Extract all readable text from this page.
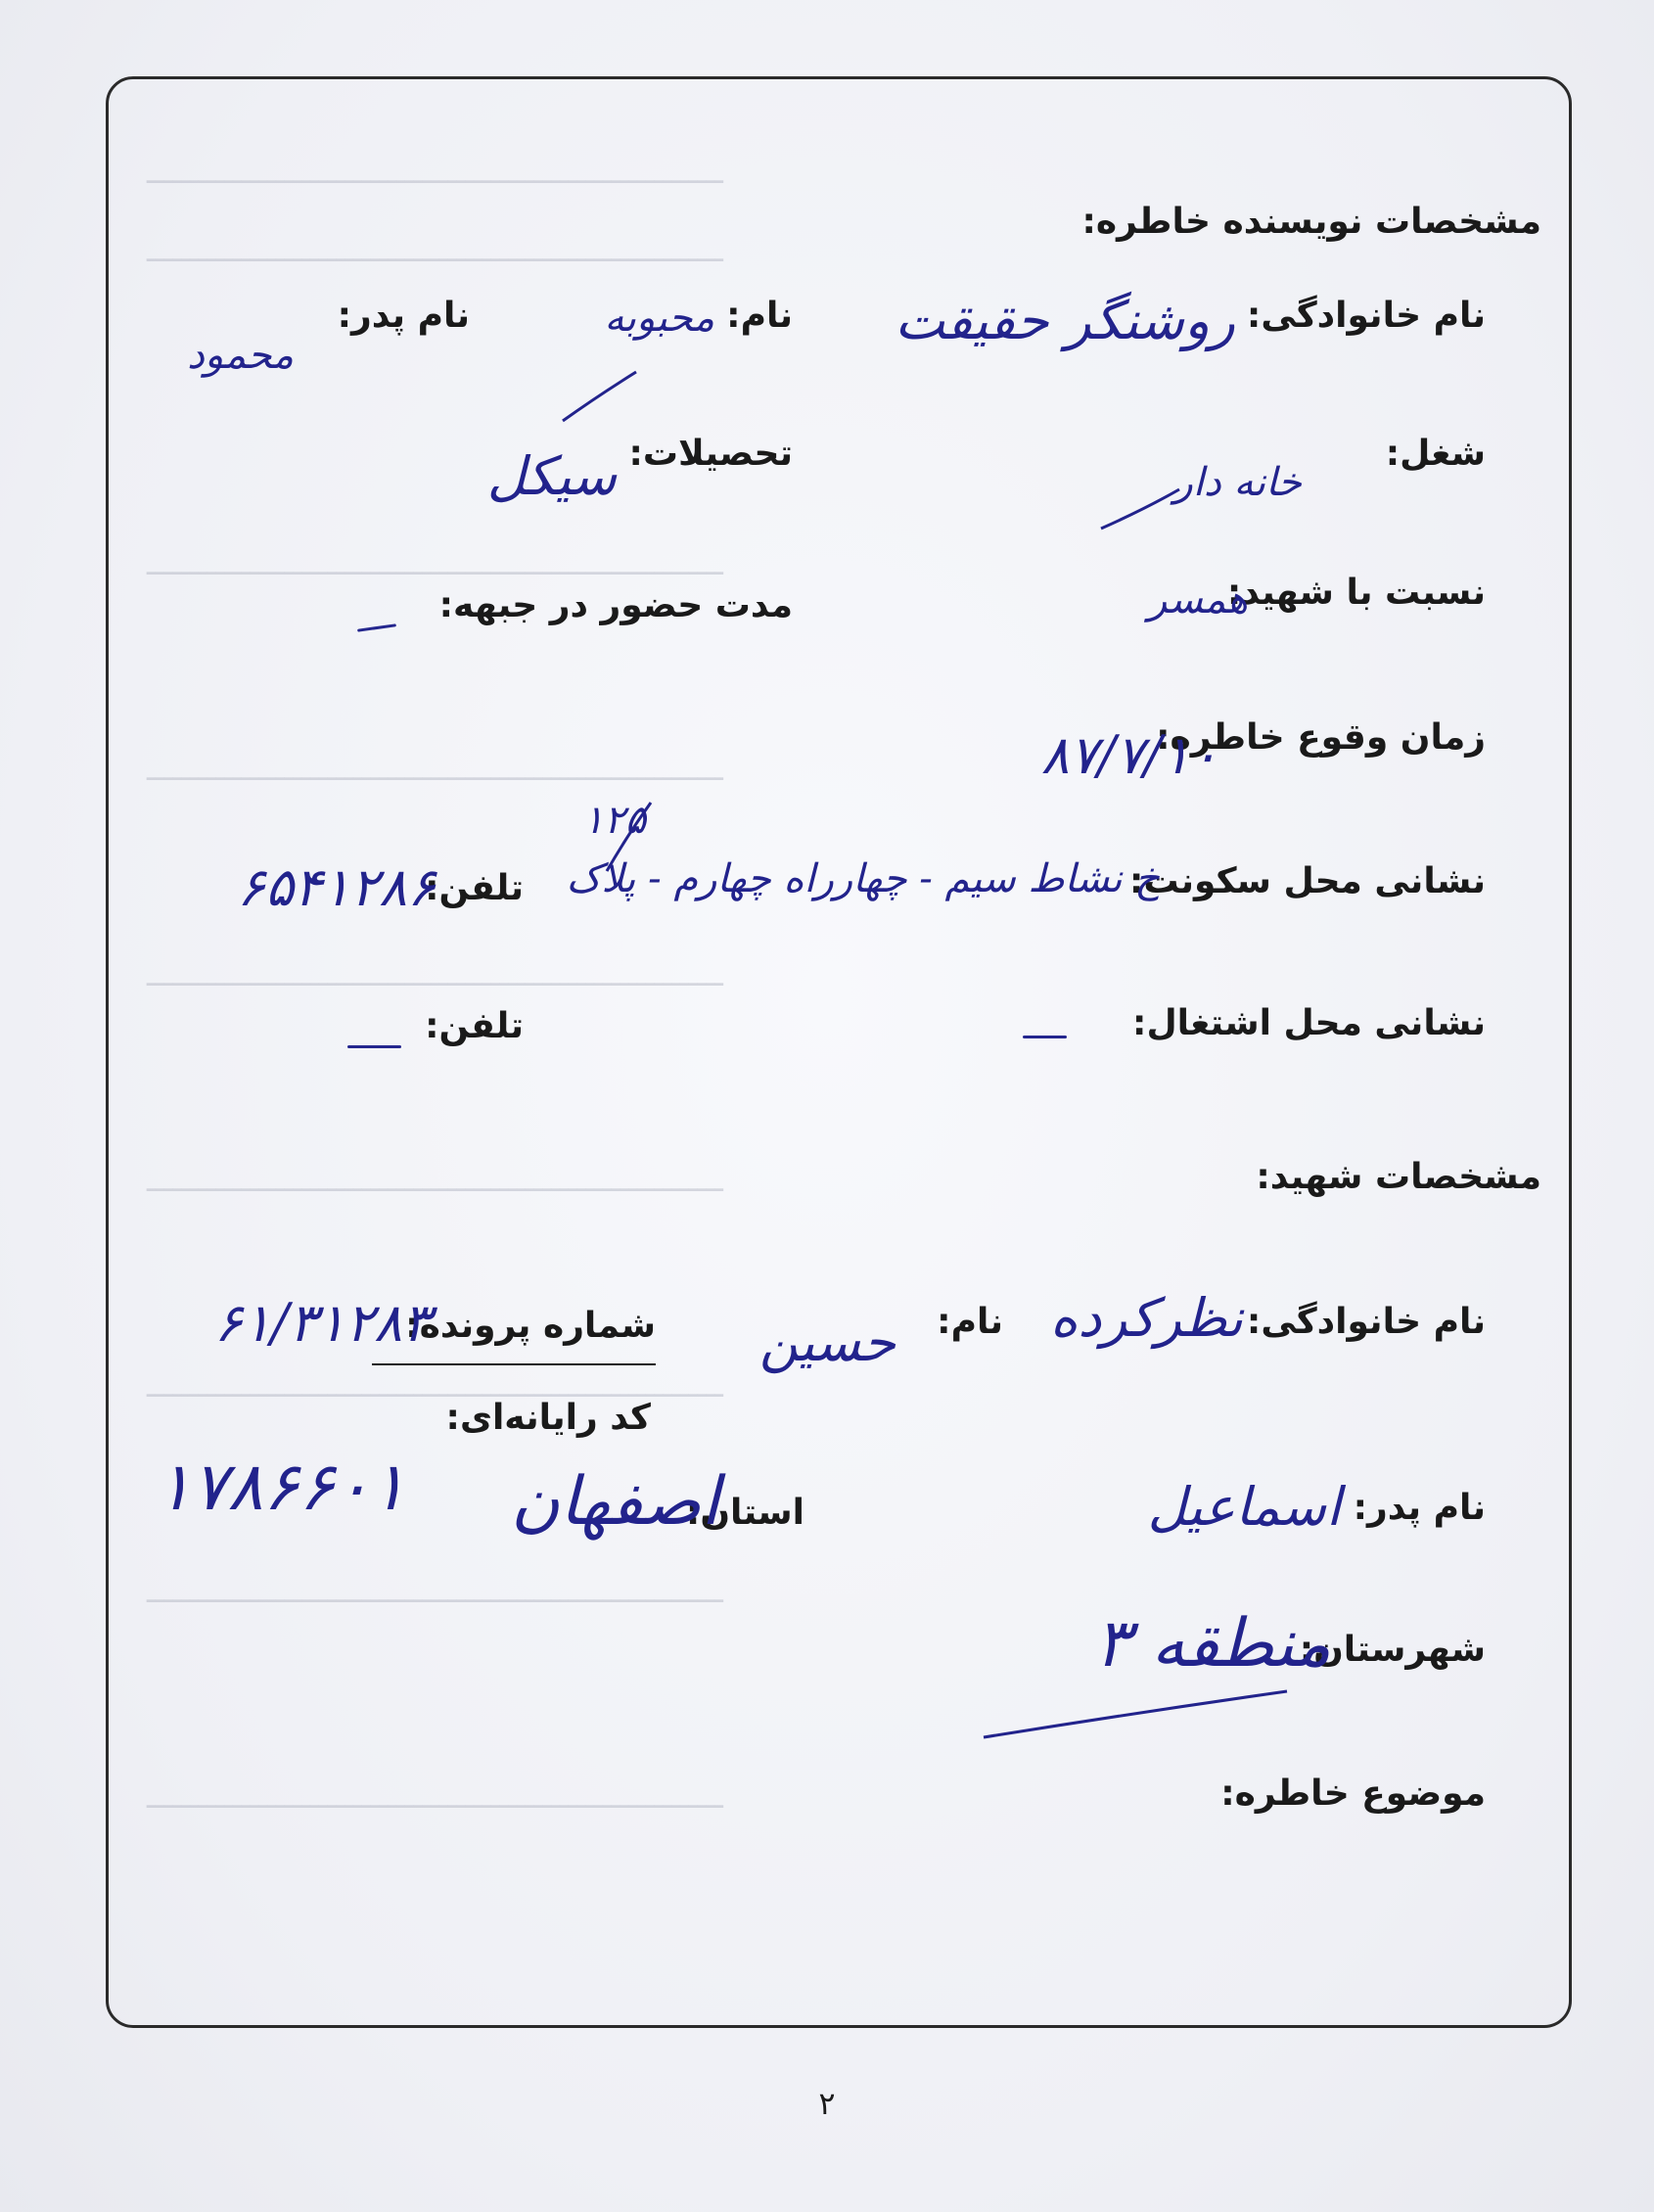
ـــــــــــــــــــــــــــــــــــــــــــــــــــــــــــــــــــ
ـــــــــــــــــــــــــــــــــــــــــــــــــــــــــــــــــــ
ـــــــــــــــــــــــــــــــــــــــــــــــــــــــــــــــــــ
ـــــــــــــــــــــــــــــــــــــــــــــــــــــــــــــــــــ
ـــــــــــــــــــــــــــــــــــــــــــــــــــــــــــــــــــ
ـــــــــــــــــــــــــــــــــــــــــــــــــــــــــــــــــــ
ـــــــــــــــــــــــــــــــــــــــــــــــــــــــــــــــــــ
ـــــــــــــــــــــــــــــــــــــــــــــــــــــــــــــــــــ
ـــــــــــــــــــــــــــــــــــــــــــــــــــــــــــــــــــ
مشخصات نویسنده خاطره:
نام خانوادگی:
روشنگر حقیقت
نام:
محبوبه
نام پدر:
محمود
شغل:
خانه دار
تحصیلات:
سیکل
نسبت با شهید:
همسر
مدت حضور در جبهه:
زمان وقوع خاطره:
۸۷/۷/۱۰
نشانی محل سکونت:
خ نشاط سیم - چهارراه چهارم - پلاک
۱۲۵
تلفن:
۶۵۴۱۲۸۶
نشانی محل اشتغال:
تلفن:
مشخصات شهید:
نام خانوادگی:
نظرکرده
نام:
حسین
شماره پرونده:
۶۱/۳۱۲۸۳
کد رایانه‌ای:
۱۷۸۶۶۰۱	نام پدر:
اسماعیل
استان:
اصفهان
شهرستان:
منطقه ۳
موضوع خاطره:
۲
